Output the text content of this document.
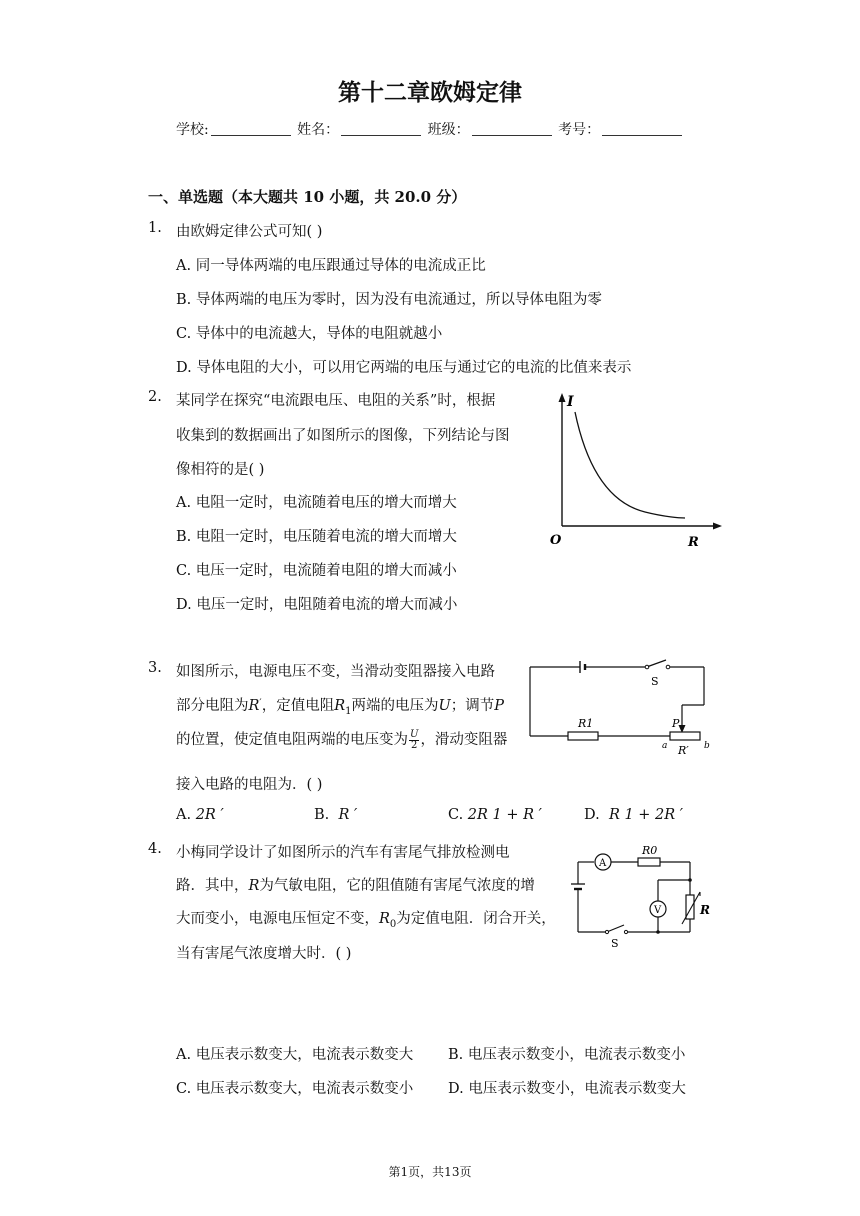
第十二章欧姆定律
学校:	姓名：	班级：	考号：
一、单选题（本大题共 10 小题，共 20.0 分）
1. 由欧姆定律公式可知( )
A. 同一导体两端的电压跟通过导体的电流成正比
B. 导体两端的电压为零时，因为没有电流通过，所以导体电阻为零
C. 导体中的电流越大，导体的电阻就越小
D. 导体电阻的大小，可以用它两端的电压与通过它的电流的比值来表示
2. 某同学在探究“电流跟电压、电阻的关系”时，根据
收集到的数据画出了如图所示的图像，下列结论与图
像相符的是( )
A. 电阻一定时，电流随着电压的增大而增大
B. 电阻一定时，电压随着电流的增大而增大
C. 电压一定时，电流随着电阻的增大而减小
D. 电压一定时，电阻随着电流的增大而减小
I
O	R
3. 如图所示，电源电压不变，当滑动变阻器接入电路
部分电阻为R′，定值电阻$R_1$两端的电压为U；调节P
的位置，使定值电阻两端的电压变为 $\frac{U}{2}$ ，滑动变阻器
接入电路的电阻为．( )
A. 2R ′	B. R ′	C. 2R 1 + R ′	D. R 1 + 2R ′
S
P
R1
a	b
R′
4. 小梅同学设计了如图所示的汽车有害尾气排放检测电
路．其中，R为气敏电阻，它的阻值随有害尾气浓度的增
大而变小，电源电压恒定不变，$R_0$为定值电阻．闭合开关，
当有害尾气浓度增大时．( )
A. 电压表示数变大，电流表示数变大 B. 电压表示数变小，电流表示数变小
C. 电压表示数变大，电流表示数变小 D. 电压表示数变小，电流表示数变大
A
R0
R
V
S
第1页，共13页
